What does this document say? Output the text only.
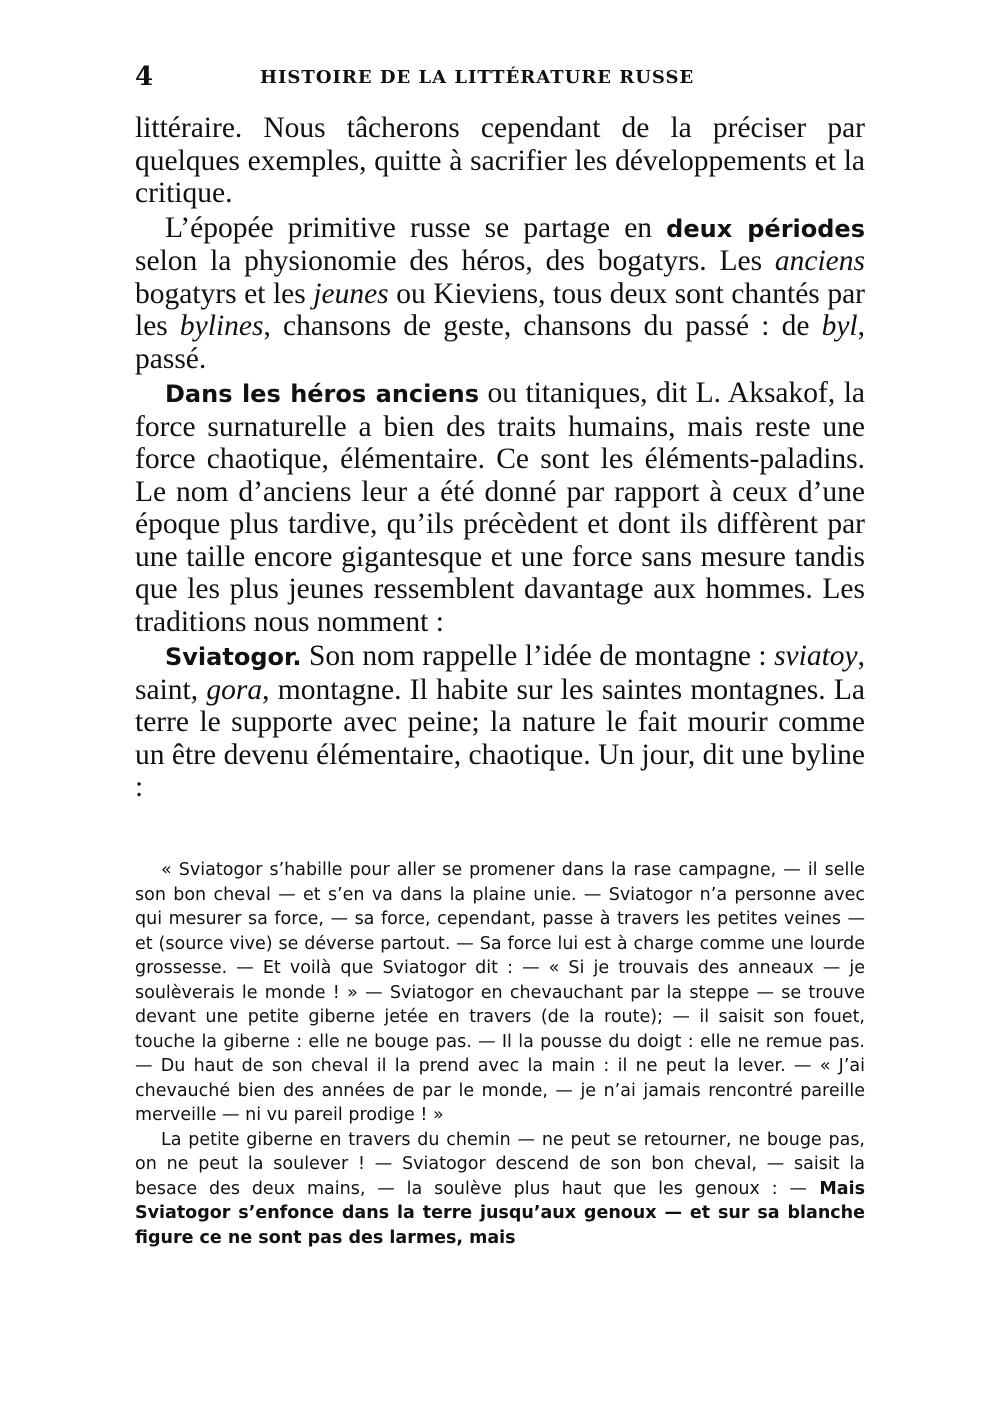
4	HISTOIRE DE LA LITTÉRATURE RUSSE

littéraire. Nous tâcherons cependant de la préciser par quelques exemples, quitte à sacrifier les développements et la critique.

L’épopée primitive russe se partage en deux périodes selon la physionomie des héros, des bogatyrs. Les anciens bogatyrs et les jeunes ou Kieviens, tous deux sont chantés par les bylines, chansons de geste, chansons du passé : de byl, passé.

Dans les héros anciens ou titaniques, dit L. Aksakof, la force surnaturelle a bien des traits humains, mais reste une force chaotique, élémentaire. Ce sont les éléments-paladins. Le nom d’anciens leur a été donné par rapport à ceux d’une époque plus tardive, qu’ils précèdent et dont ils diffèrent par une taille encore gigantesque et une force sans mesure tandis que les plus jeunes ressemblent davantage aux hommes. Les traditions nous nomment :

Sviatogor. Son nom rappelle l’idée de montagne : sviatoy, saint, gora, montagne. Il habite sur les saintes montagnes. La terre le supporte avec peine; la nature le fait mourir comme un être devenu élémentaire, chaotique. Un jour, dit une byline :

« Sviatogor s’habille pour aller se promener dans la rase campagne, — il selle son bon cheval — et s’en va dans la plaine unie. — Sviatogor n’a personne avec qui mesurer sa force, — sa force, cependant, passe à travers les petites veines — et (source vive) se déverse partout. — Sa force lui est à charge comme une lourde grossesse. — Et voilà que Sviatogor dit : — « Si je trouvais des anneaux — je soulèverais le monde ! » — Sviatogor en chevauchant par la steppe — se trouve devant une petite giberne jetée en travers (de la route); — il saisit son fouet, touche la giberne : elle ne bouge pas. — Il la pousse du doigt : elle ne remue pas. — Du haut de son cheval il la prend avec la main : il ne peut la lever. — « J’ai chevauché bien des années de par le monde, — je n’ai jamais rencontré pareille merveille — ni vu pareil prodige ! »

La petite giberne en travers du chemin — ne peut se retourner, ne bouge pas, on ne peut la soulever ! — Sviatogor descend de son bon cheval, — saisit la besace des deux mains, — la soulève plus haut que les genoux : — Mais Sviatogor s’enfonce dans la terre jusqu’aux genoux — et sur sa blanche figure ce ne sont pas des larmes, mais
